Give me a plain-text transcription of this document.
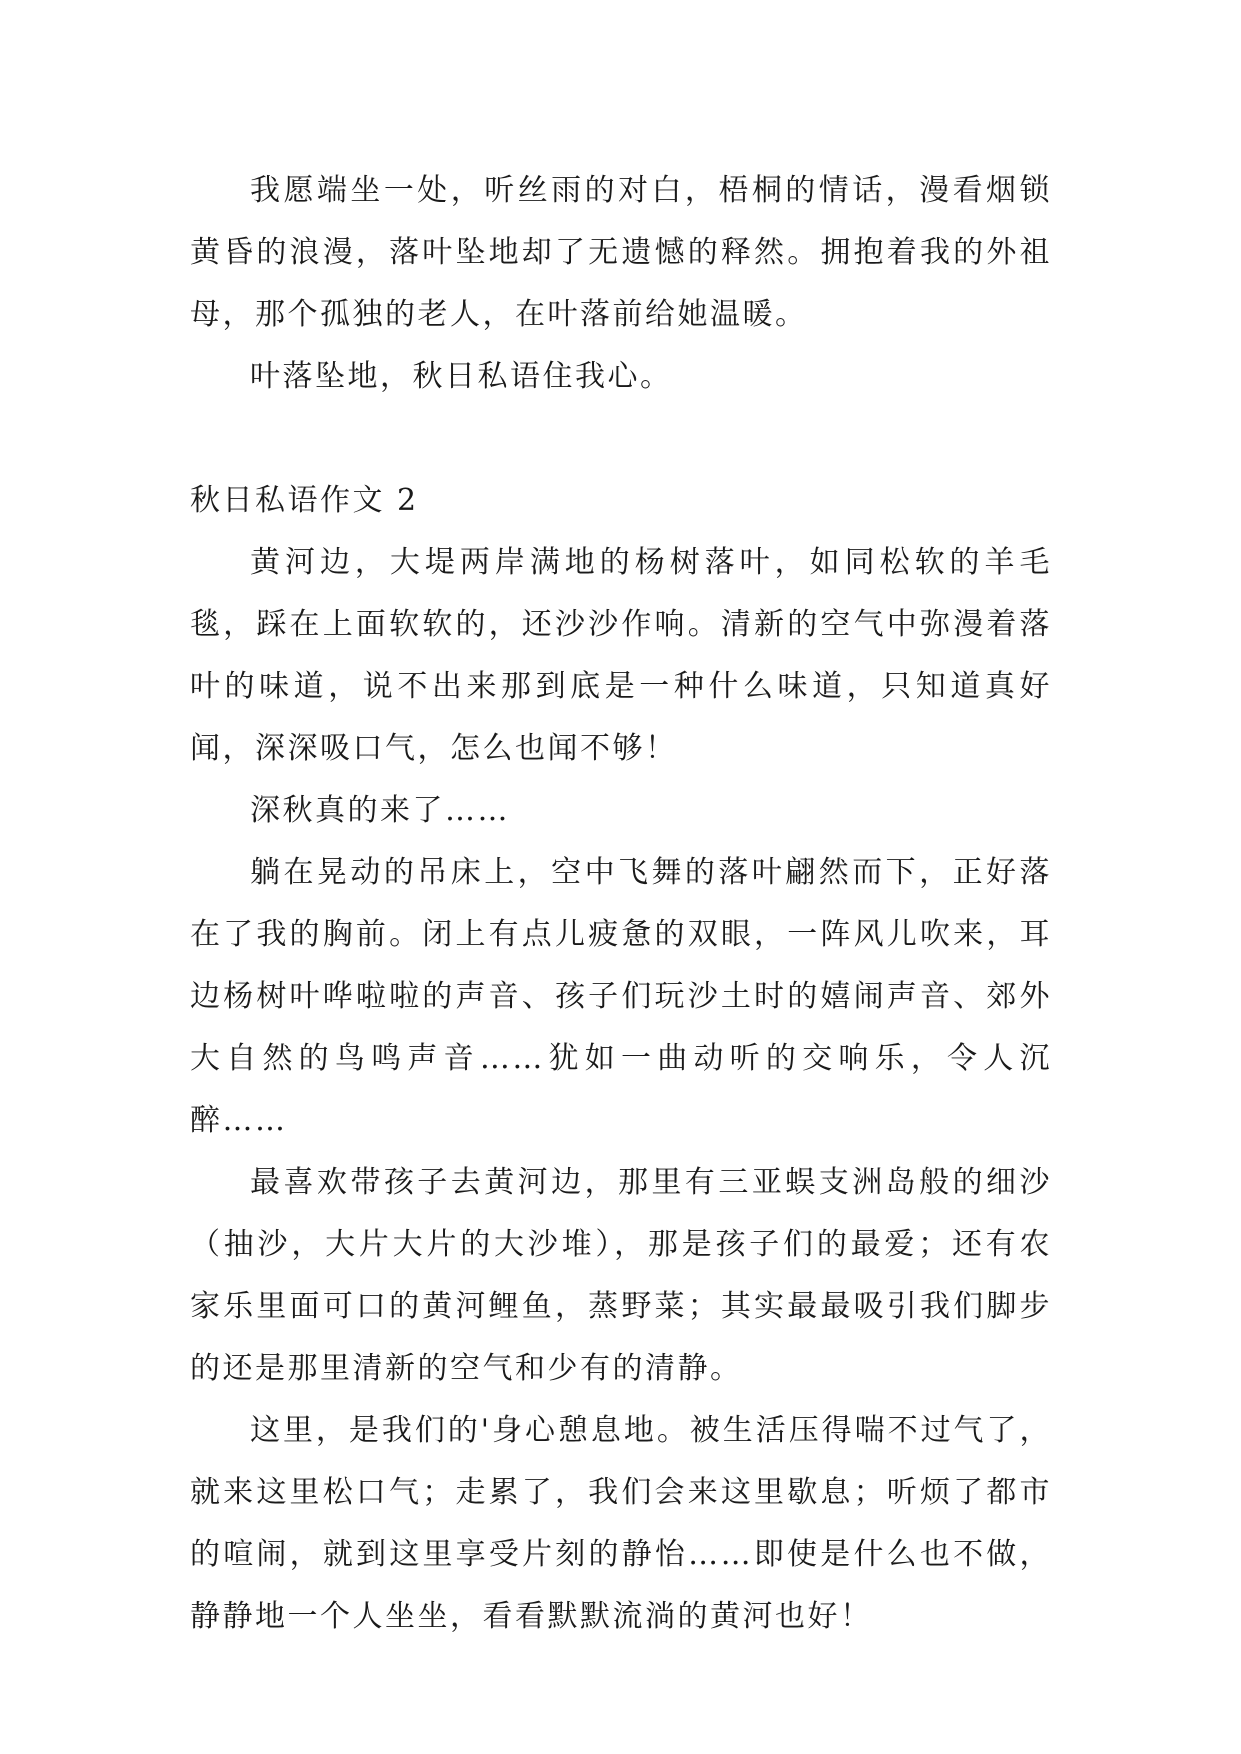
我愿端坐一处，听丝雨的对白，梧桐的情话，漫看烟锁黄昏的浪漫，落叶坠地却了无遗憾的释然。拥抱着我的外祖母，那个孤独的老人，在叶落前给她温暖。

叶落坠地，秋日私语住我心。

秋日私语作文 2

黄河边，大堤两岸满地的杨树落叶，如同松软的羊毛毯，踩在上面软软的，还沙沙作响。清新的空气中弥漫着落叶的味道，说不出来那到底是一种什么味道，只知道真好闻，深深吸口气，怎么也闻不够！

深秋真的来了……

躺在晃动的吊床上，空中飞舞的落叶翩然而下，正好落在了我的胸前。闭上有点儿疲惫的双眼，一阵风儿吹来，耳边杨树叶哗啦啦的声音、孩子们玩沙土时的嬉闹声音、郊外大自然的鸟鸣声音……犹如一曲动听的交响乐，令人沉醉……

最喜欢带孩子去黄河边，那里有三亚蜈支洲岛般的细沙（抽沙，大片大片的大沙堆），那是孩子们的最爱；还有农家乐里面可口的黄河鲤鱼，蒸野菜；其实最最吸引我们脚步的还是那里清新的空气和少有的清静。

这里，是我们的'身心憩息地。被生活压得喘不过气了，就来这里松口气；走累了，我们会来这里歇息；听烦了都市的喧闹，就到这里享受片刻的静怡……即使是什么也不做，静静地一个人坐坐，看看默默流淌的黄河也好！
